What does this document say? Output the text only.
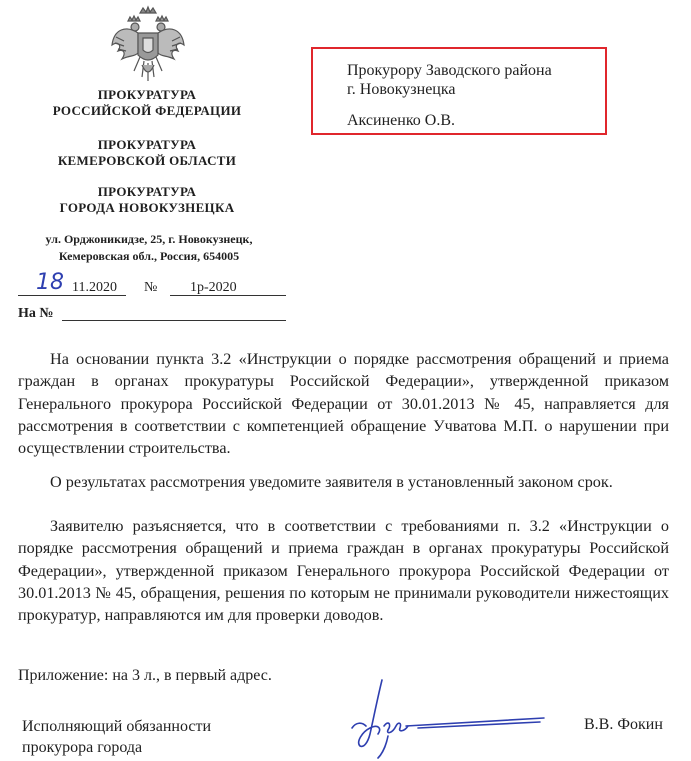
ПРОКУРАТУРА
РОССИЙСКОЙ ФЕДЕРАЦИИ
ПРОКУРАТУРА
КЕМЕРОВСКОЙ ОБЛАСТИ
ПРОКУРАТУРА
ГОРОДА НОВОКУЗНЕЦКА
ул. Орджоникидзе, 25, г. Новокузнецк,
Кемеровская обл., Россия, 654005
18 11.2020 № 1р-2020
На №
Прокурору Заводского района
г. Новокузнецка
Аксиненко О.В.
На основании пункта 3.2 «Инструкции о порядке рассмотрения обращений и приема граждан в органах прокуратуры Российской Федерации», утвержденной приказом Генерального прокурора Российской Федерации от 30.01.2013 № 45, направляется для рассмотрения в соответствии с компетенцией обращение Учватова М.П. о нарушении при осуществлении строительства.
О результатах рассмотрения уведомите заявителя в установленный законом срок.
Заявителю разъясняется, что в соответствии с требованиями п. 3.2 «Инструкции о порядке рассмотрения обращений и приема граждан в органах прокуратуры Российской Федерации», утвержденной приказом Генерального прокурора Российской Федерации от 30.01.2013 № 45, обращения, решения по которым не принимали руководители нижестоящих прокуратур, направляются им для проверки доводов.
Приложение: на 3 л., в первый адрес.
Исполняющий обязанности
прокурора города
В.В. Фокин
